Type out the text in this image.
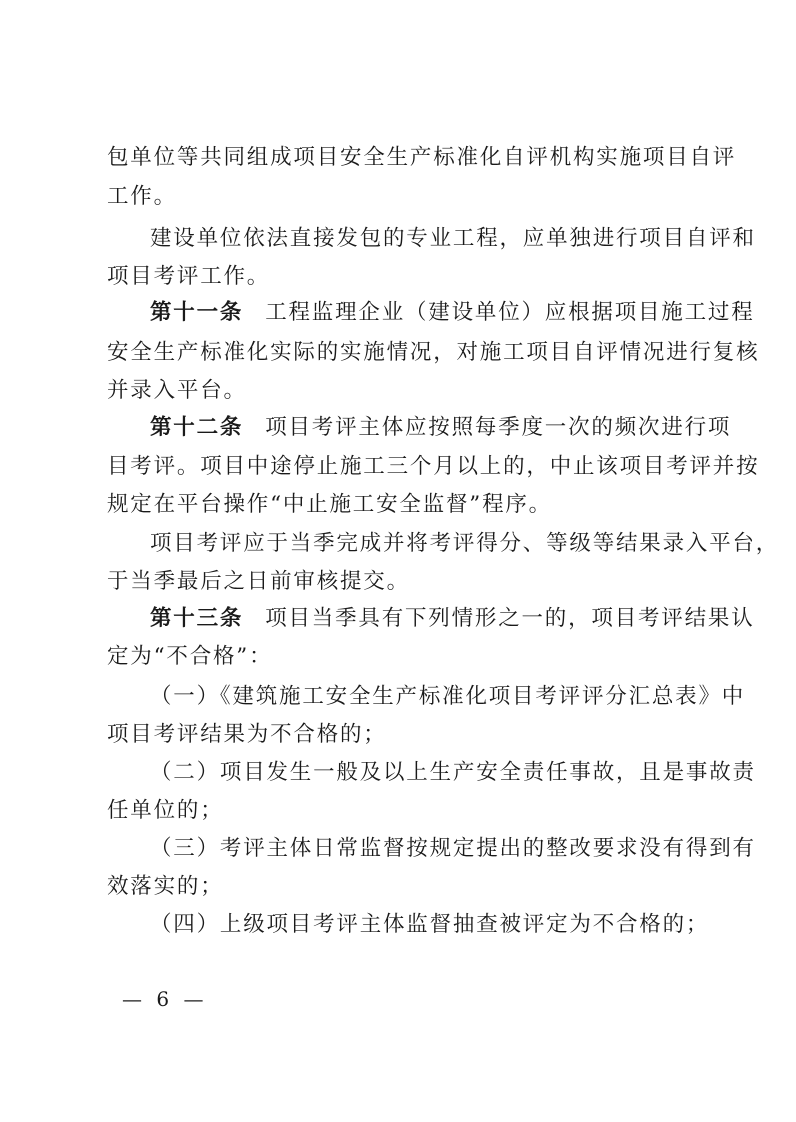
包单位等共同组成项目安全生产标准化自评机构实施项目自评
工作。
建设单位依法直接发包的专业工程，应单独进行项目自评和
项目考评工作。
第十一条 工程监理企业（建设单位）应根据项目施工过程
安全生产标准化实际的实施情况，对施工项目自评情况进行复核
并录入平台。
第十二条 项目考评主体应按照每季度一次的频次进行项
目考评。项目中途停止施工三个月以上的，中止该项目考评并按
规定在平台操作“中止施工安全监督”程序。
项目考评应于当季完成并将考评得分、等级等结果录入平台，
于当季最后之日前审核提交。
第十三条 项目当季具有下列情形之一的，项目考评结果认
定为“不合格”：
（一）《建筑施工安全生产标准化项目考评评分汇总表》中
项目考评结果为不合格的；
（二）项目发生一般及以上生产安全责任事故，且是事故责
任单位的；
（三）考评主体日常监督按规定提出的整改要求没有得到有
效落实的；
（四）上级项目考评主体监督抽查被评定为不合格的；
— 6 —
